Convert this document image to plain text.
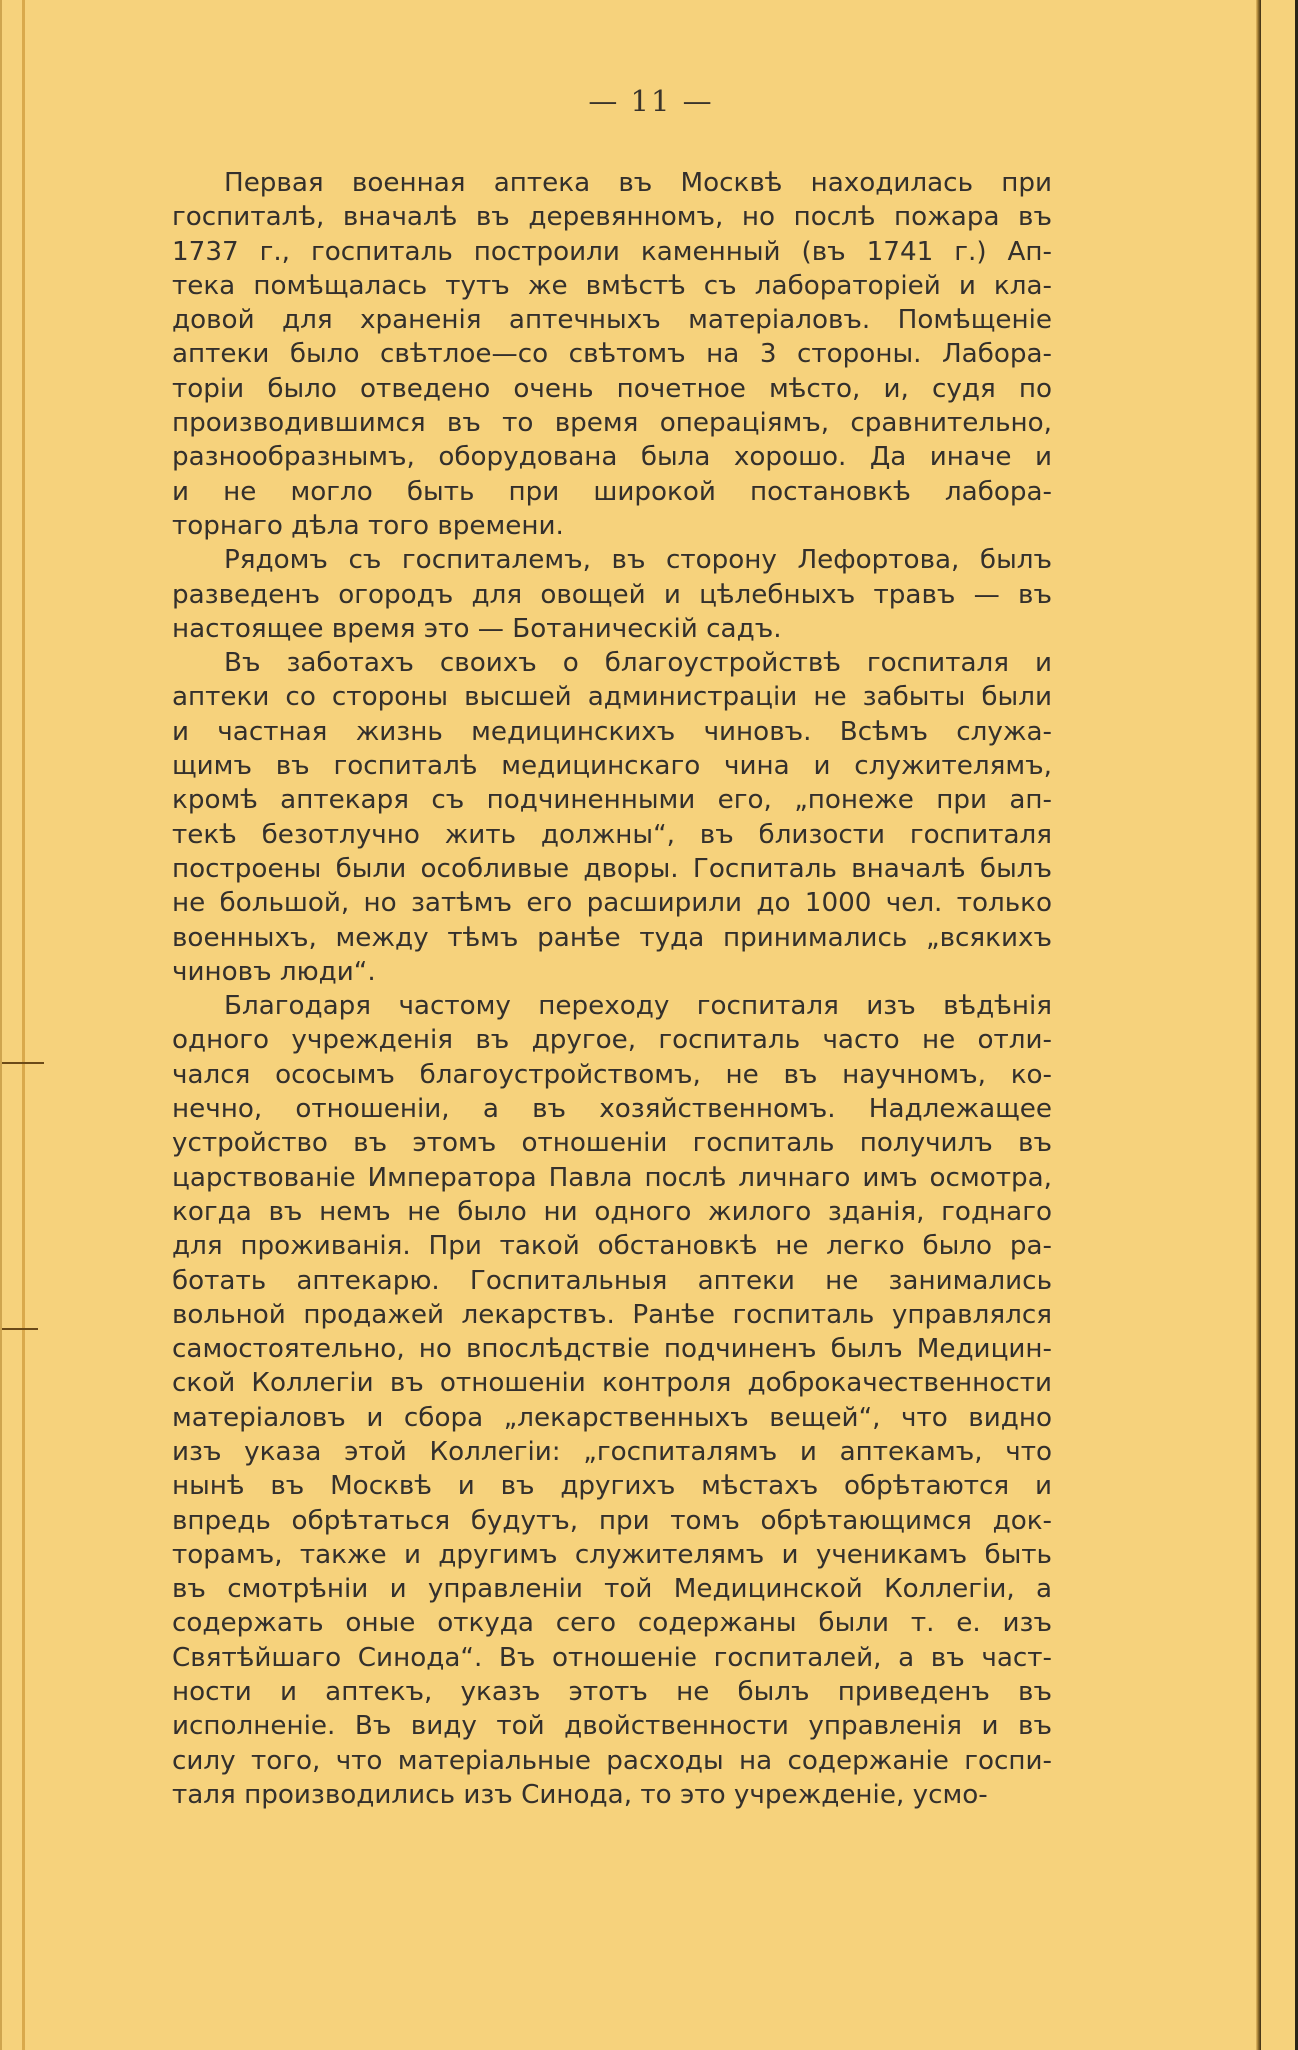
— 11 —
Первая военная аптека въ Москвѣ находилась при
госпиталѣ, вначалѣ въ деревянномъ, но послѣ пожара въ
1737 г., госпиталь построили каменный (въ 1741 г.) Ап-
тека помѣщалась тутъ же вмѣстѣ съ лабораторіей и кла-
довой для храненія аптечныхъ матеріаловъ. Помѣщеніе
аптеки было свѣтлое—со свѣтомъ на 3 стороны. Лабора-
торіи было отведено очень почетное мѣсто, и, судя по
производившимся въ то время операціямъ, сравнительно,
разнообразнымъ, оборудована была хорошо. Да иначе и
и не могло быть при широкой постановкѣ лабора-
торнаго дѣла того времени.
Рядомъ съ госпиталемъ, въ сторону Лефортова, былъ
разведенъ огородъ для овощей и цѣлебныхъ травъ — въ
настоящее время это — Ботаническій садъ.
Въ заботахъ своихъ о благоустройствѣ госпиталя и
аптеки со стороны высшей администраціи не забыты были
и частная жизнь медицинскихъ чиновъ. Всѣмъ служа-
щимъ въ госпиталѣ медицинскаго чина и служителямъ,
кромѣ аптекаря съ подчиненными его, „понеже при ап-
текѣ безотлучно жить должны“, въ близости госпиталя
построены были особливые дворы. Госпиталь вначалѣ былъ
не большой, но затѣмъ его расширили до 1000 чел. только
военныхъ, между тѣмъ ранѣе туда принимались „всякихъ
чиновъ люди“.
Благодаря частому переходу госпиталя изъ вѣдѣнія
одного учрежденія въ другое, госпиталь часто не отли-
чался ососымъ благоустройствомъ, не въ научномъ, ко-
нечно, отношеніи, а въ хозяйственномъ. Надлежащее
устройство въ этомъ отношеніи госпиталь получилъ въ
царствованіе Императора Павла послѣ личнаго имъ осмотра,
когда въ немъ не было ни одного жилого зданія, годнаго
для проживанія. При такой обстановкѣ не легко было ра-
ботать аптекарю. Госпитальныя аптеки не занимались
вольной продажей лекарствъ. Ранѣе госпиталь управлялся
самостоятельно, но впослѣдствіе подчиненъ былъ Медицин-
ской Коллегіи въ отношеніи контроля доброкачественности
матеріаловъ и сбора „лекарственныхъ вещей“, что видно
изъ указа этой Коллегіи: „госпиталямъ и аптекамъ, что
нынѣ въ Москвѣ и въ другихъ мѣстахъ обрѣтаются и
впредь обрѣтаться будутъ, при томъ обрѣтающимся док-
торамъ, также и другимъ служителямъ и ученикамъ быть
въ смотрѣніи и управленіи той Медицинской Коллегіи, а
содержать оные откуда сего содержаны были т. е. изъ
Святѣйшаго Синода“. Въ отношеніе госпиталей, а въ част-
ности и аптекъ, указъ этотъ не былъ приведенъ въ
исполненіе. Въ виду той двойственности управленія и въ
силу того, что матеріальные расходы на содержаніе госпи-
таля производились изъ Синода, то это учрежденіе, усмо-
